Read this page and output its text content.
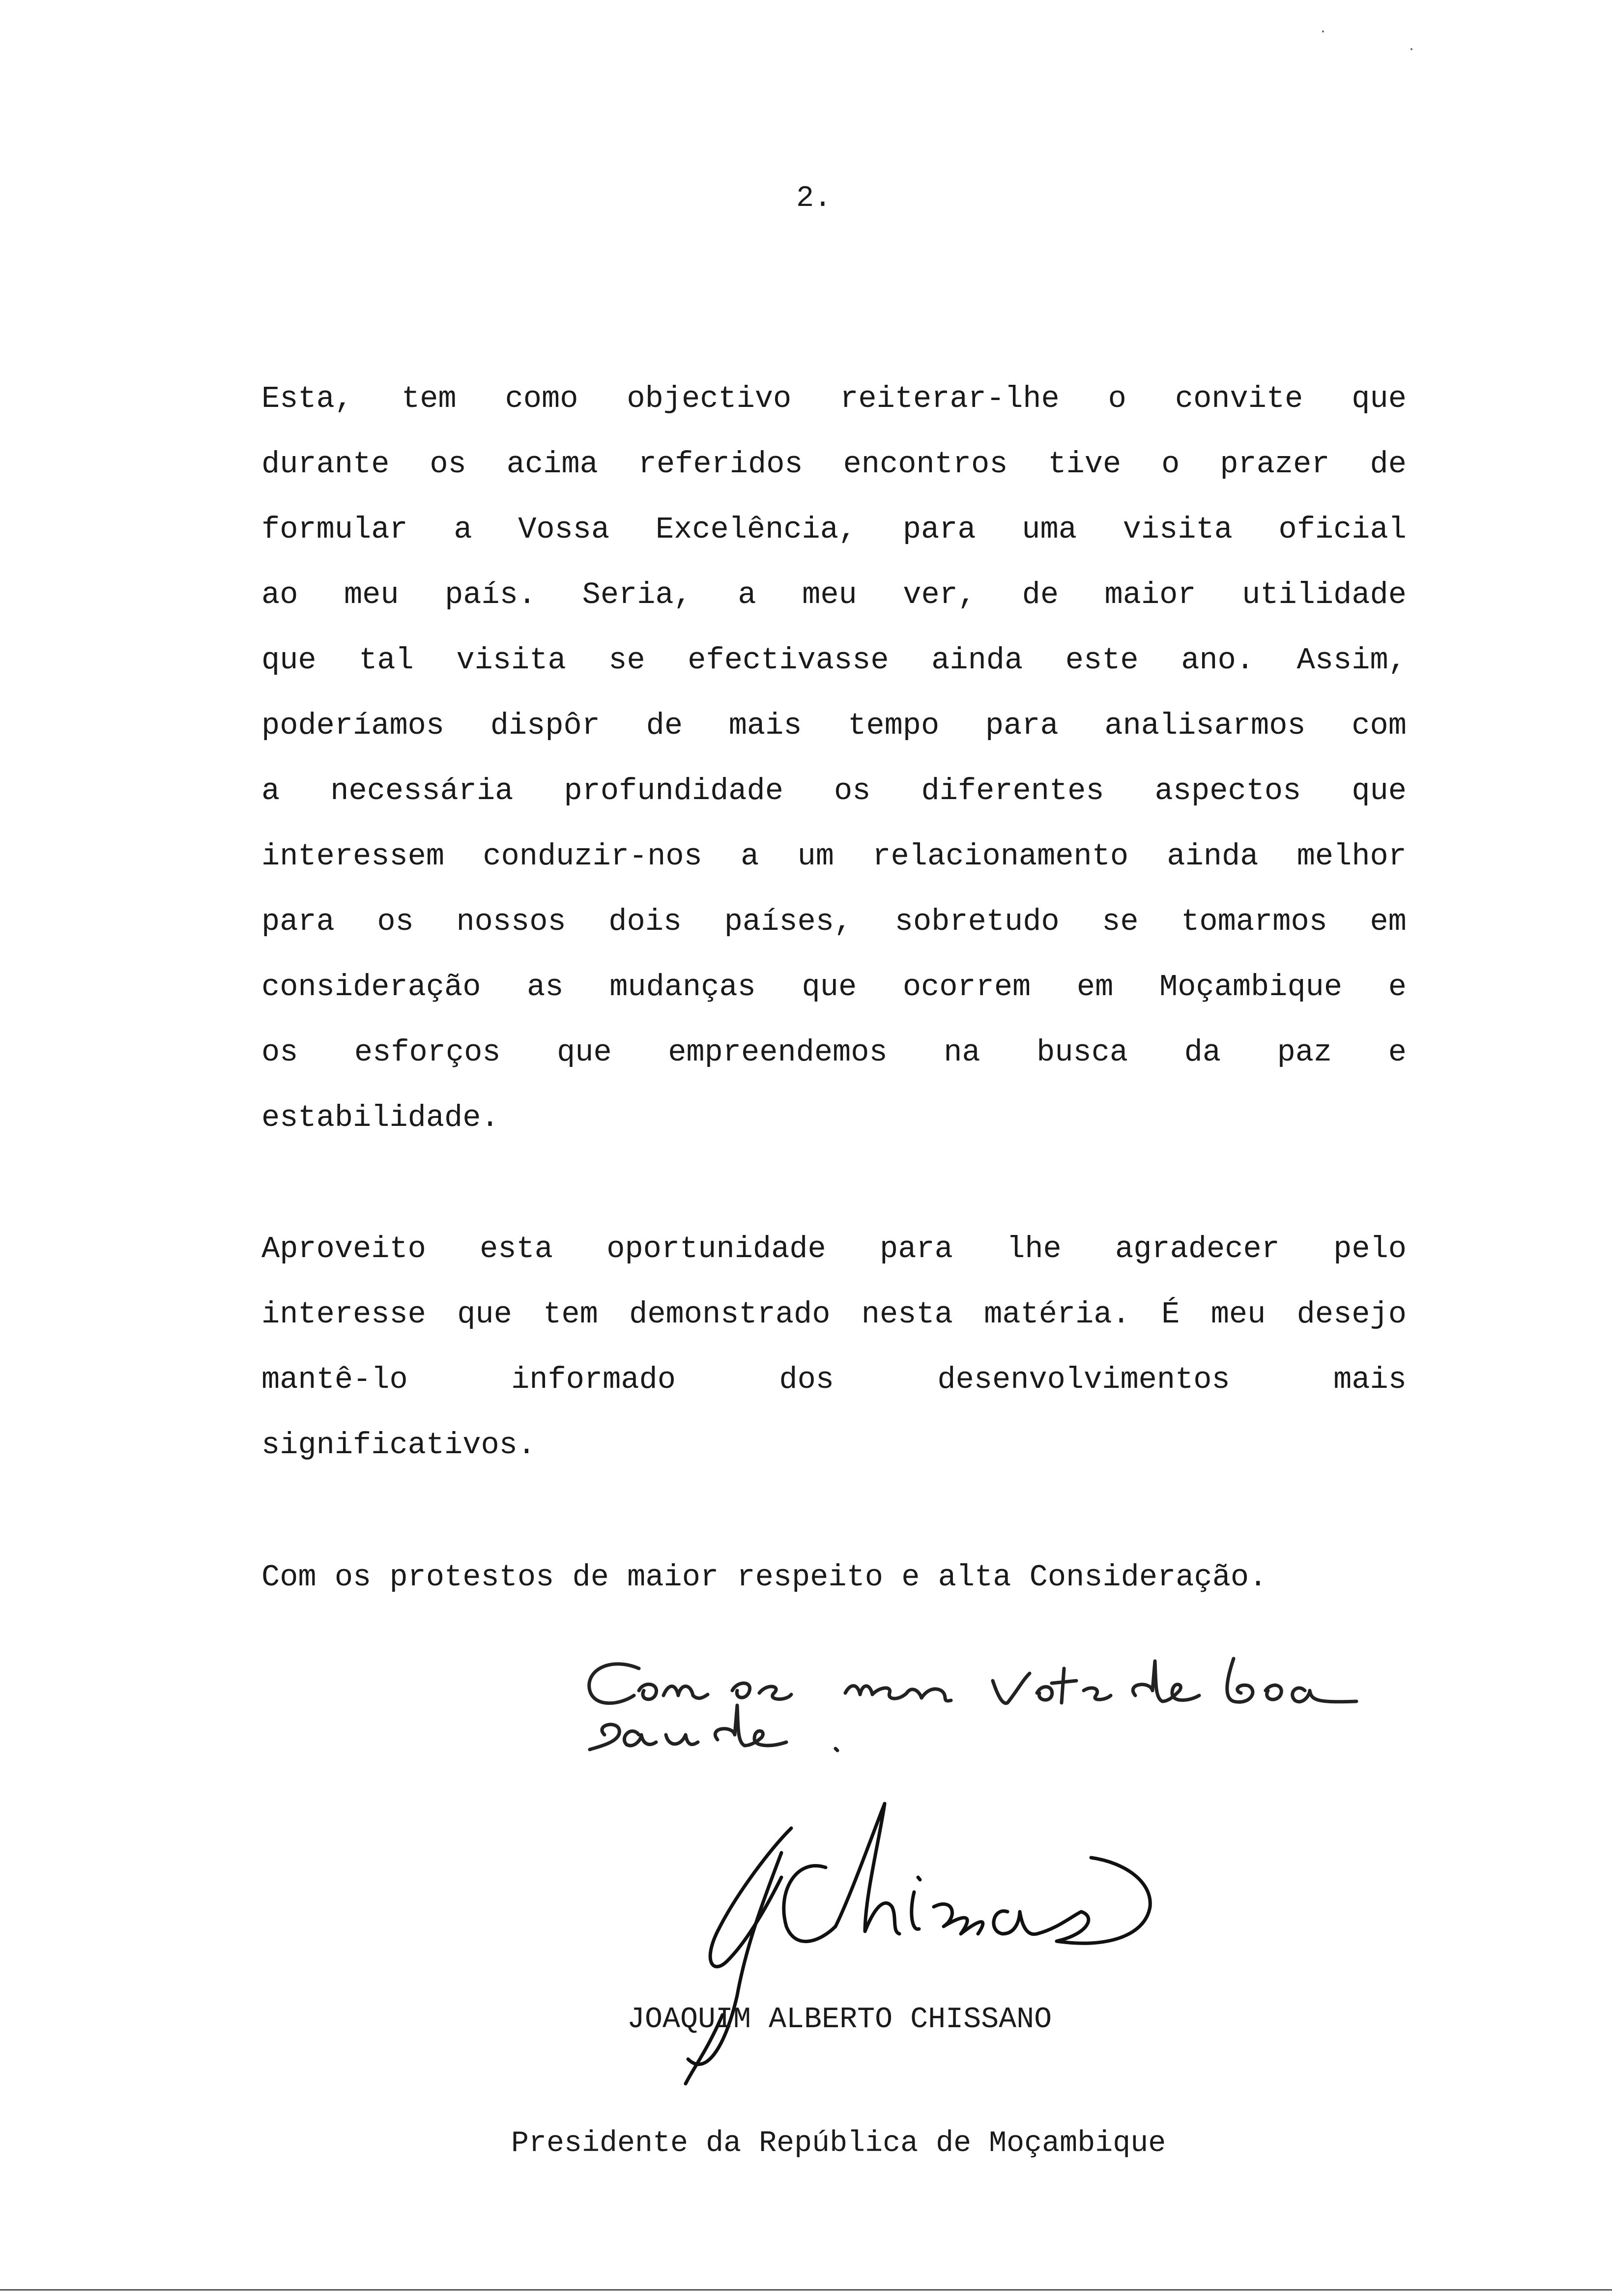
2.
Esta, tem como objectivo reiterar-lhe o convite que
durante os acima referidos encontros tive o prazer de
formular a Vossa Excelência, para uma visita oficial
ao meu país. Seria, a meu ver, de maior utilidade
que tal visita se efectivasse ainda este ano. Assim,
poderíamos dispôr de mais tempo para analisarmos com
a necessária profundidade os diferentes aspectos que
interessem conduzir-nos a um relacionamento ainda melhor
para os nossos dois países, sobretudo se tomarmos em
consideração as mudanças que ocorrem em Moçambique e
os esforços que empreendemos na busca da paz e
estabilidade.
Aproveito esta oportunidade para lhe agradecer pelo
interesse que tem demonstrado nesta matéria. É meu desejo
mantê-lo	informado	dos	desenvolvimentos	mais
significativos.
Com os protestos de maior respeito e alta Consideração.

JOAQUIM ALBERTO CHISSANO

Presidente da República de Moçambique
